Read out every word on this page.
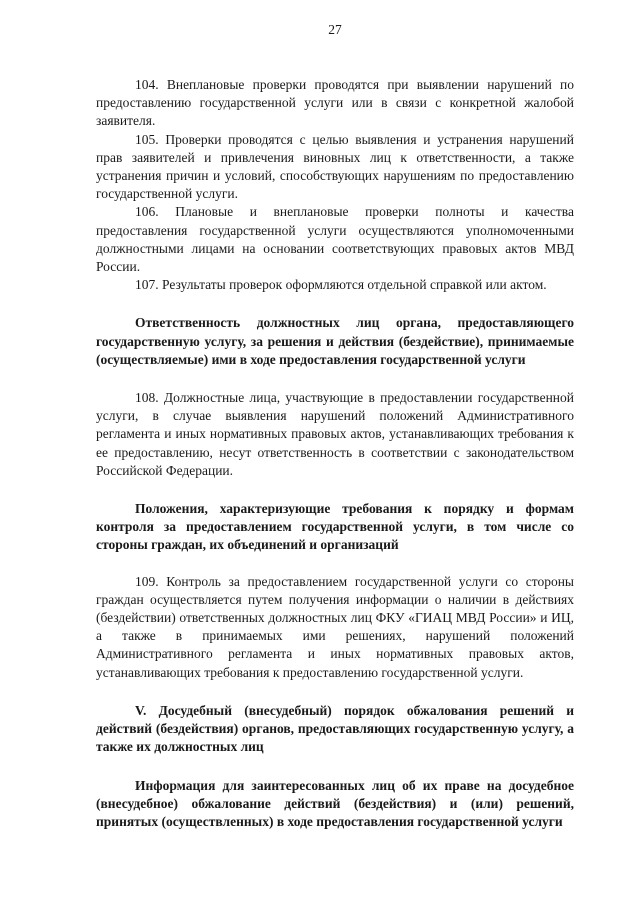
27

104. Внеплановые проверки проводятся при выявлении нарушений по предоставлению государственной услуги или в связи с конкретной жалобой заявителя.

105. Проверки проводятся с целью выявления и устранения нарушений прав заявителей и привлечения виновных лиц к ответственности, а также устранения причин и условий, способствующих нарушениям по предоставлению государственной услуги.

106. Плановые и внеплановые проверки полноты и качества предоставления государственной услуги осуществляются уполномоченными должностными лицами на основании соответствующих правовых актов МВД России.

107. Результаты проверок оформляются отдельной справкой или актом.

Ответственность должностных лиц органа, предоставляющего государственную услугу, за решения и действия (бездействие), принимаемые (осуществляемые) ими в ходе предоставления государственной услуги

108. Должностные лица, участвующие в предоставлении государственной услуги, в случае выявления нарушений положений Административного регламента и иных нормативных правовых актов, устанавливающих требования к ее предоставлению, несут ответственность в соответствии с законодательством Российской Федерации.

Положения, характеризующие требования к порядку и формам контроля за предоставлением государственной услуги, в том числе со стороны граждан, их объединений и организаций

109. Контроль за предоставлением государственной услуги со стороны граждан осуществляется путем получения информации о наличии в действиях (бездействии) ответственных должностных лиц ФКУ «ГИАЦ МВД России» и ИЦ, а также в принимаемых ими решениях, нарушений положений Административного регламента и иных нормативных правовых актов, устанавливающих требования к предоставлению государственной услуги.

V. Досудебный (внесудебный) порядок обжалования решений и действий (бездействия) органов, предоставляющих государственную услугу, а также их должностных лиц

Информация для заинтересованных лиц об их праве на досудебное (внесудебное) обжалование действий (бездействия) и (или) решений, принятых (осуществленных) в ходе предоставления государственной услуги
